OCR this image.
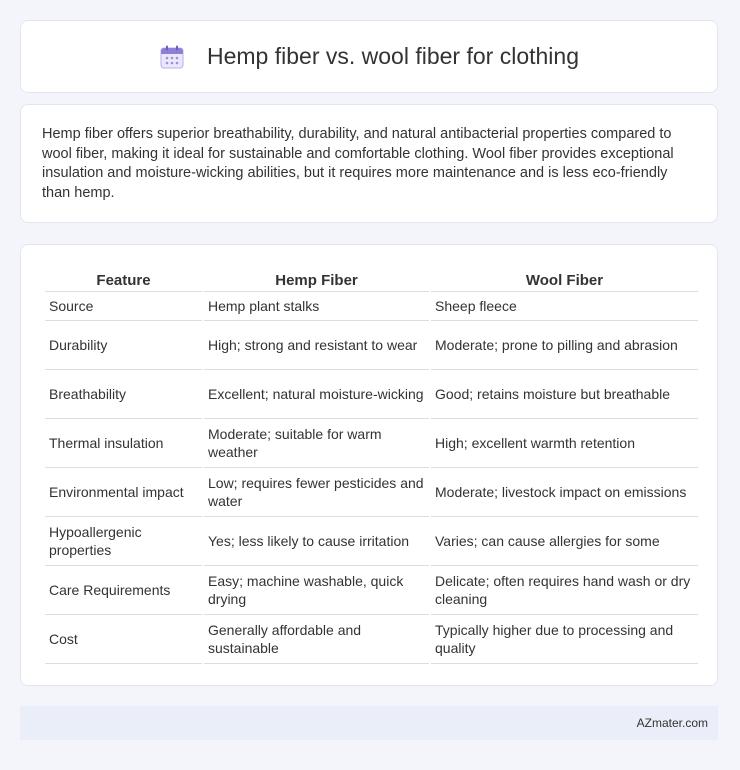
Hemp fiber vs. wool fiber for clothing

Hemp fiber offers superior breathability, durability, and natural antibacterial properties compared to wool fiber, making it ideal for sustainable and comfortable clothing. Wool fiber provides exceptional insulation and moisture-wicking abilities, but it requires more maintenance and is less eco-friendly than hemp.

Feature	Hemp Fiber	Wool Fiber
Source	Hemp plant stalks	Sheep fleece
Durability	High; strong and resistant to wear	Moderate; prone to pilling and abrasion
Breathability	Excellent; natural moisture-wicking	Good; retains moisture but breathable
Thermal insulation	Moderate; suitable for warm weather	High; excellent warmth retention
Environmental impact	Low; requires fewer pesticides and water	Moderate; livestock impact on emissions
Hypoallergenic properties	Yes; less likely to cause irritation	Varies; can cause allergies for some
Care Requirements	Easy; machine washable, quick drying	Delicate; often requires hand wash or dry cleaning
Cost	Generally affordable and sustainable	Typically higher due to processing and quality
AZmater.com
